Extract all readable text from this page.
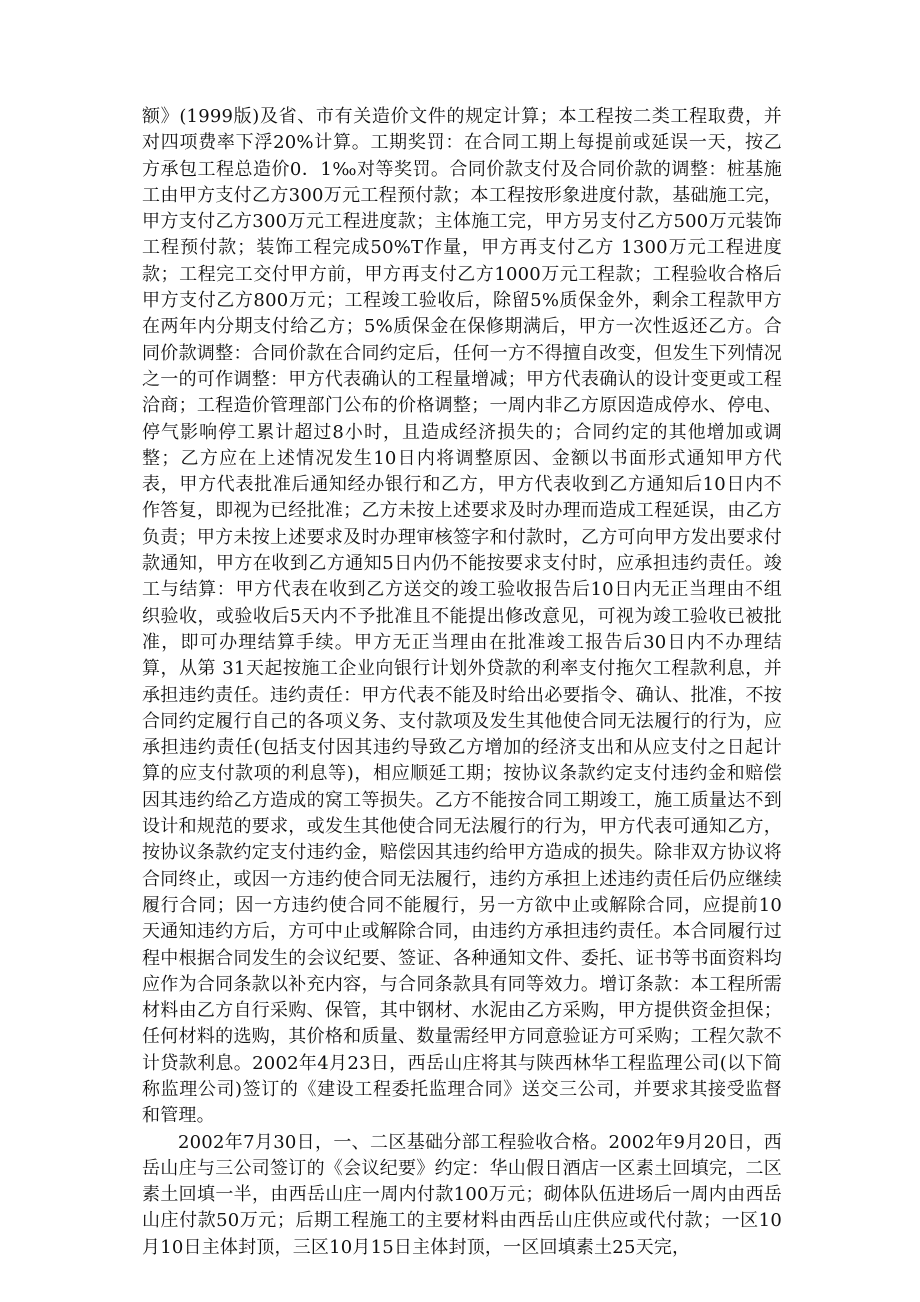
额》(1999版)及省、市有关造价文件的规定计算；本工程按二类工程取费，并对四项费率下浮20%计算。工期奖罚：在合同工期上每提前或延误一天，按乙方承包工程总造价0．1‰对等奖罚。合同价款支付及合同价款的调整：桩基施工由甲方支付乙方300万元工程预付款；本工程按形象进度付款，基础施工完，甲方支付乙方300万元工程进度款；主体施工完，甲方另支付乙方500万元装饰工程预付款；装饰工程完成50%T作量，甲方再支付乙方 1300万元工程进度款；工程完工交付甲方前，甲方再支付乙方1000万元工程款；工程验收合格后甲方支付乙方800万元；工程竣工验收后，除留5%质保金外，剩余工程款甲方在两年内分期支付给乙方；5%质保金在保修期满后，甲方一次性返还乙方。合同价款调整：合同价款在合同约定后，任何一方不得擅自改变，但发生下列情况之一的可作调整：甲方代表确认的工程量增减；甲方代表确认的设计变更或工程洽商；工程造价管理部门公布的价格调整；一周内非乙方原因造成停水、停电、停气影响停工累计超过8小时，且造成经济损失的；合同约定的其他增加或调整；乙方应在上述情况发生10日内将调整原因、金额以书面形式通知甲方代表，甲方代表批准后通知经办银行和乙方，甲方代表收到乙方通知后10日内不作答复，即视为已经批准；乙方未按上述要求及时办理而造成工程延误，由乙方负责；甲方未按上述要求及时办理审核签字和付款时，乙方可向甲方发出要求付款通知，甲方在收到乙方通知5日内仍不能按要求支付时，应承担违约责任。竣工与结算：甲方代表在收到乙方送交的竣工验收报告后10日内无正当理由不组织验收，或验收后5天内不予批准且不能提出修改意见，可视为竣工验收已被批准，即可办理结算手续。甲方无正当理由在批准竣工报告后30日内不办理结算，从第 31天起按施工企业向银行计划外贷款的利率支付拖欠工程款利息，并承担违约责任。违约责任：甲方代表不能及时给出必要指令、确认、批准，不按合同约定履行自己的各项义务、支付款项及发生其他使合同无法履行的行为，应承担违约责任(包括支付因其违约导致乙方增加的经济支出和从应支付之日起计算的应支付款项的利息等)，相应顺延工期；按协议条款约定支付违约金和赔偿因其违约给乙方造成的窝工等损失。乙方不能按合同工期竣工，施工质量达不到设计和规范的要求，或发生其他使合同无法履行的行为，甲方代表可通知乙方，按协议条款约定支付违约金，赔偿因其违约给甲方造成的损失。除非双方协议将合同终止，或因一方违约使合同无法履行，违约方承担上述违约责任后仍应继续履行合同；因一方违约使合同不能履行，另一方欲中止或解除合同，应提前10天通知违约方后，方可中止或解除合同，由违约方承担违约责任。本合同履行过程中根据合同发生的会议纪要、签证、各种通知文件、委托、证书等书面资料均应作为合同条款以补充内容，与合同条款具有同等效力。增订条款：本工程所需材料由乙方自行采购、保管，其中钢材、水泥由乙方采购，甲方提供资金担保；任何材料的选购，其价格和质量、数量需经甲方同意验证方可采购；工程欠款不计贷款利息。2002年4月23日，西岳山庄将其与陕西林华工程监理公司(以下简称监理公司)签订的《建设工程委托监理合同》送交三公司，并要求其接受监督和管理。

2002年7月30日，一、二区基础分部工程验收合格。2002年9月20日，西岳山庄与三公司签订的《会议纪要》约定：华山假日酒店一区素土回填完，二区素土回填一半，由西岳山庄一周内付款100万元；砌体队伍进场后一周内由西岳山庄付款50万元；后期工程施工的主要材料由西岳山庄供应或代付款；一区10月10日主体封顶，三区10月15日主体封顶，一区回填素土25天完，
